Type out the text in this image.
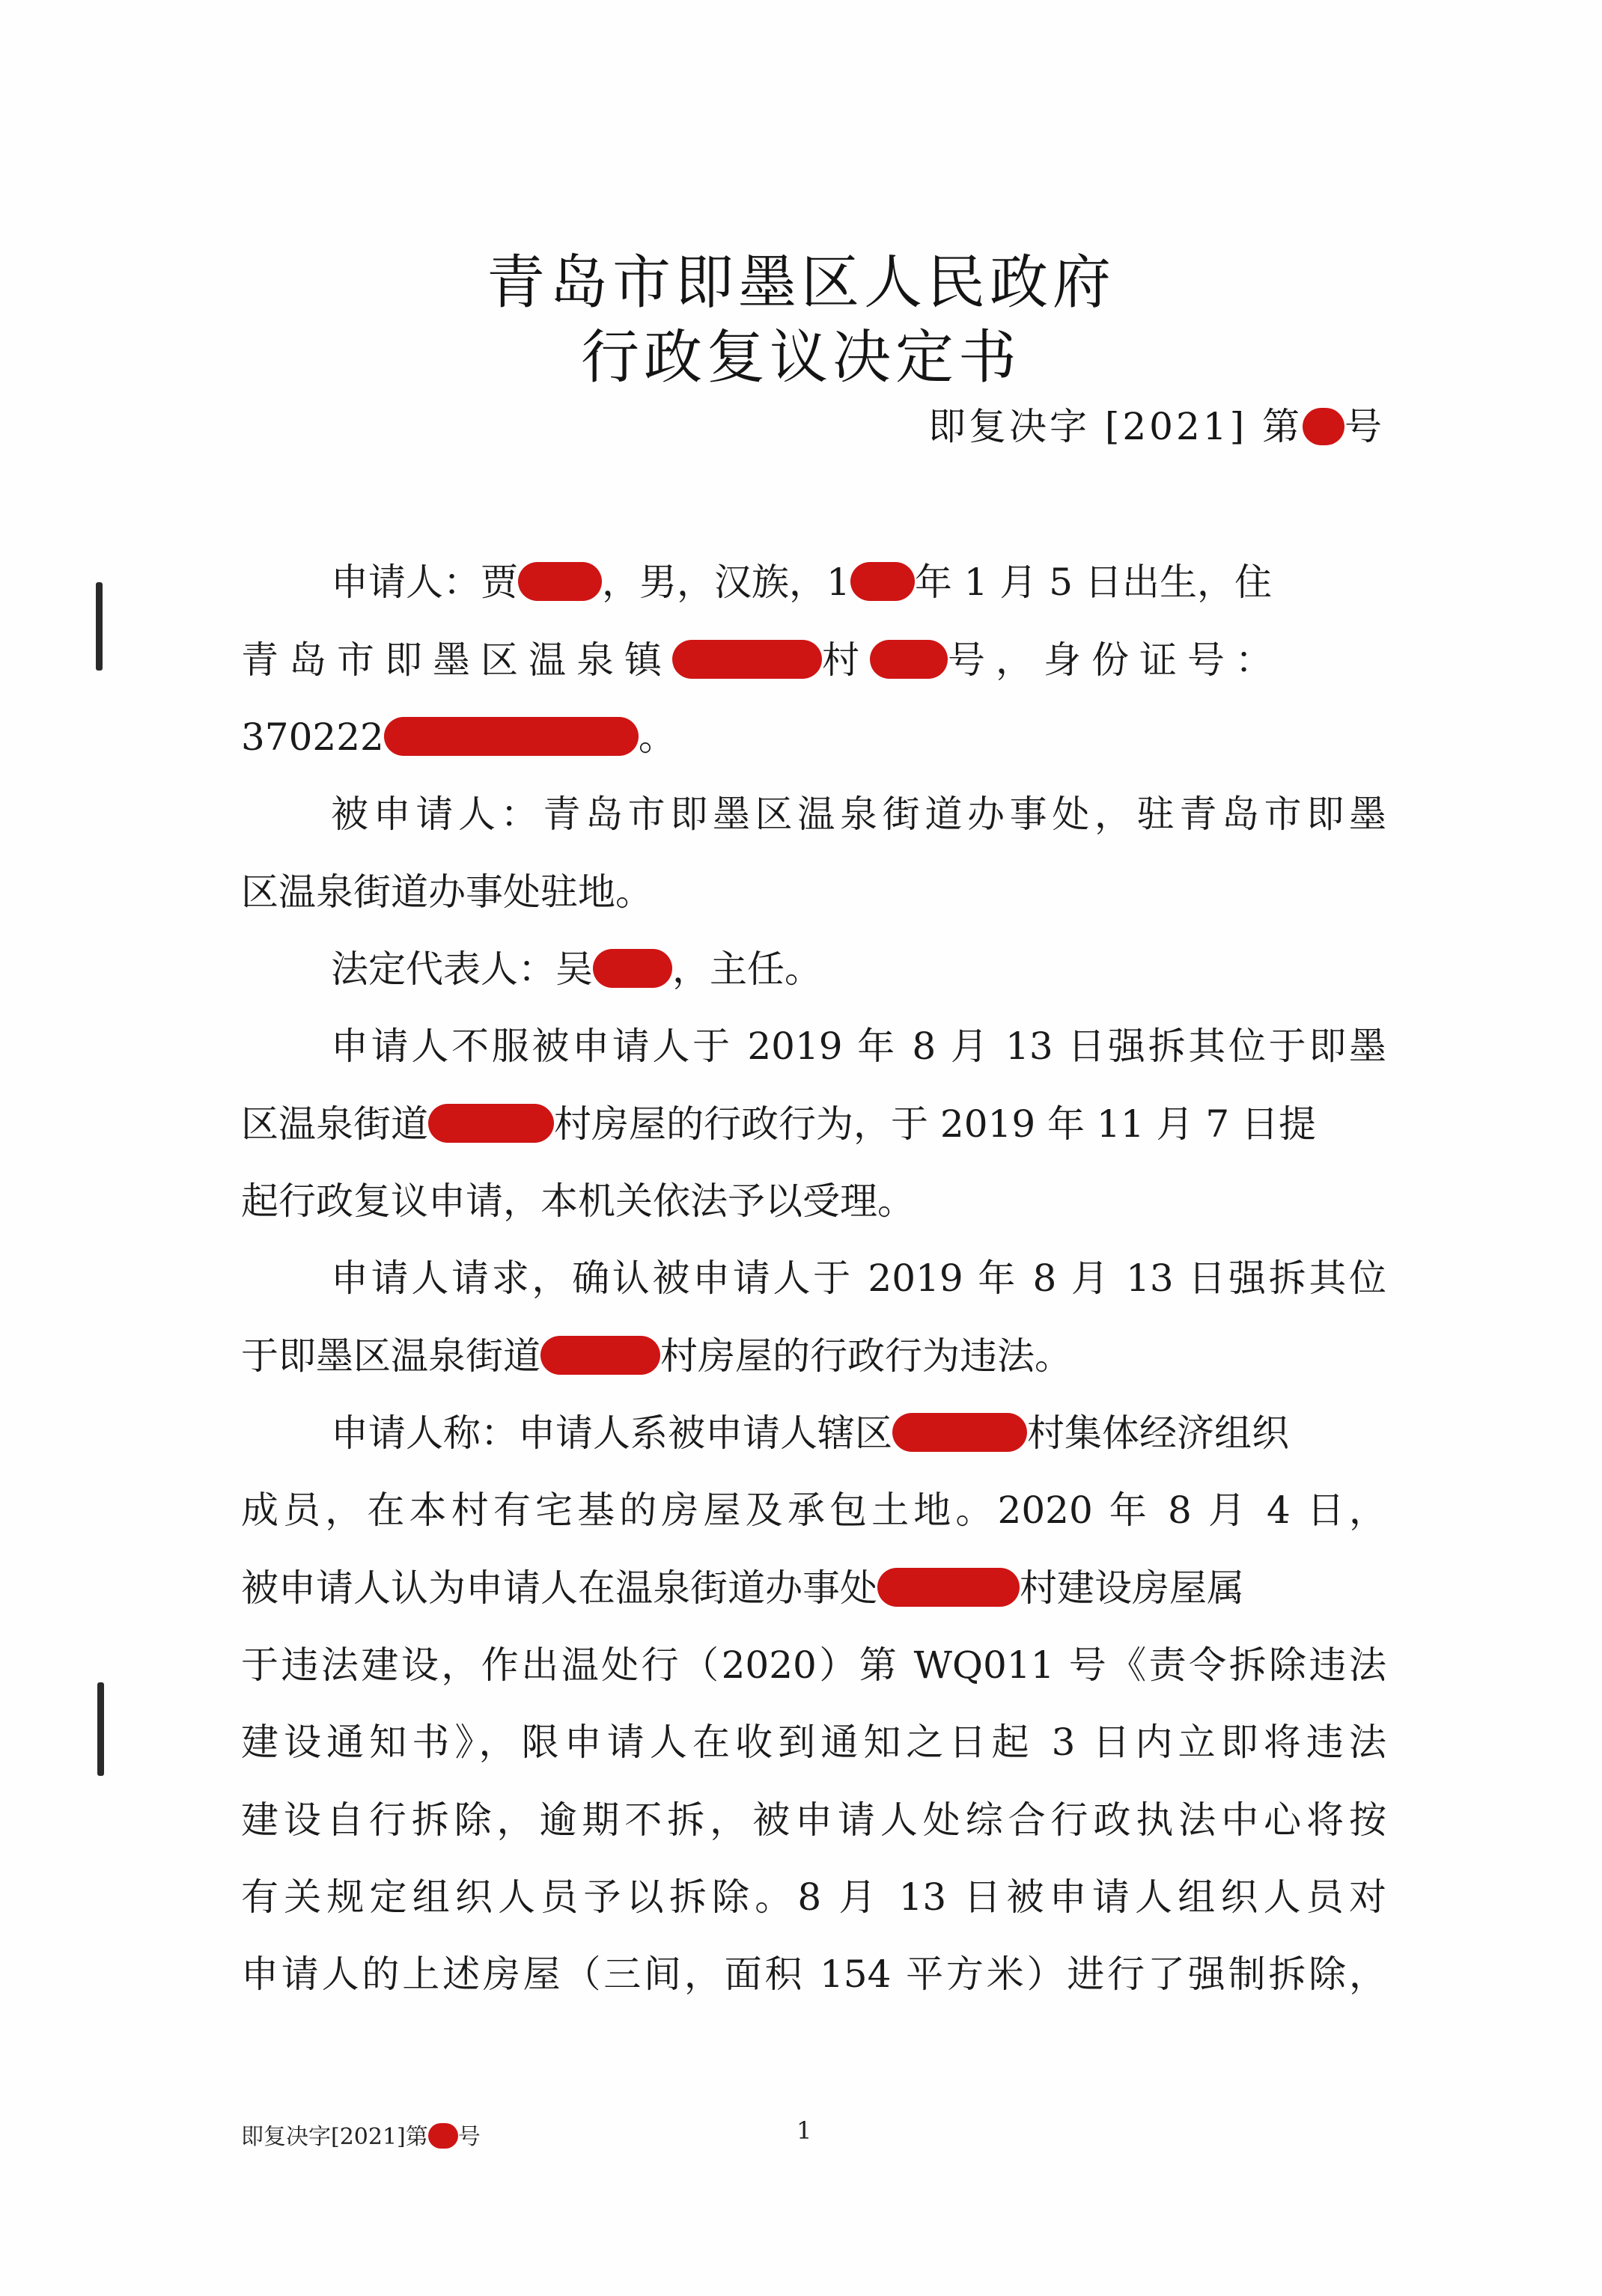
青岛市即墨区人民政府
行政复议决定书
即复决字 [2021] 第 号
申请人：贾 ，男，汉族，1 年 1 月 5 日出生，住
青岛市即墨区温泉镇	村 号，身份证号：
370222	。
被申请人：青岛市即墨区温泉街道办事处，驻青岛市即墨
区温泉街道办事处驻地。
法定代表人：吴 ，主任。
申请人不服被申请人于 2019 年 8 月 13 日强拆其位于即墨
区温泉街道	村房屋的行政行为，于 2019 年 11 月 7 日提
起行政复议申请，本机关依法予以受理。
申请人请求，确认被申请人于 2019 年 8 月 13 日强拆其位
于即墨区温泉街道	村房屋的行政行为违法。
申请人称：申请人系被申请人辖区	村集体经济组织
成员，在本村有宅基的房屋及承包土地。2020 年 8 月 4 日，
被申请人认为申请人在温泉街道办事处	村建设房屋属
于违法建设，作出温处行（2020）第 WQ011 号《责令拆除违法
建设通知书》，限申请人在收到通知之日起 3 日内立即将违法
建设自行拆除，逾期不拆，被申请人处综合行政执法中心将按
有关规定组织人员予以拆除。8 月 13 日被申请人组织人员对
申请人的上述房屋（三间，面积 154 平方米）进行了强制拆除，
即复决字[2021]第 号	1
